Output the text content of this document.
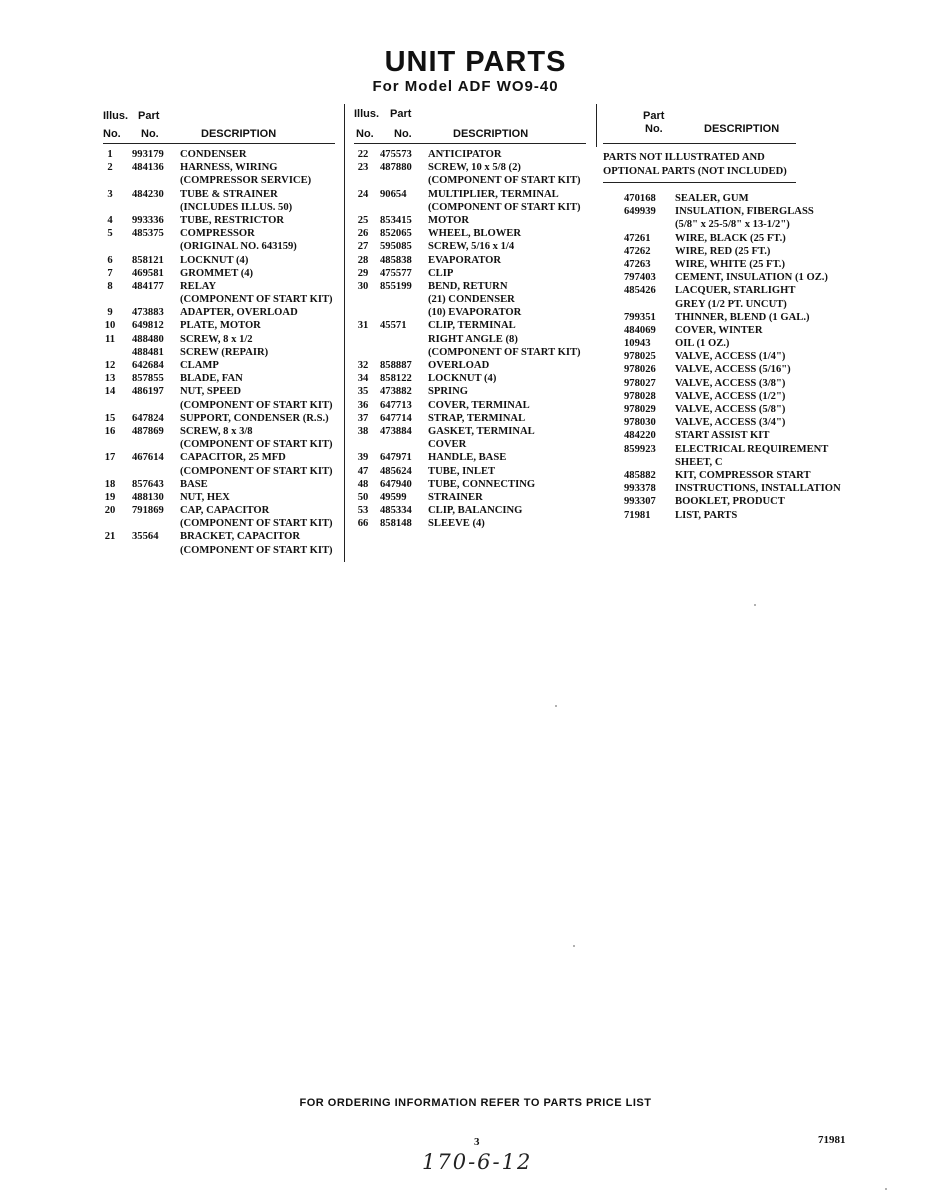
UNIT PARTS
For Model ADF WO9-40
Illus. Part
No. No.	DESCRIPTION
1	993179 CONDENSER
2	484136 HARNESS, WIRING
(COMPRESSOR SERVICE)
3	484230 TUBE & STRAINER
(INCLUDES ILLUS. 50)
4	993336 TUBE, RESTRICTOR
5	485375 COMPRESSOR
(ORIGINAL NO. 643159)
6	858121 LOCKNUT (4)
7	469581 GROMMET (4)
8	484177 RELAY
(COMPONENT OF START KIT)
9	473883 ADAPTER, OVERLOAD
10	649812 PLATE, MOTOR
11	488480 SCREW, 8 x 1/2
488481 SCREW (REPAIR)
12	642684 CLAMP
13	857855 BLADE, FAN
14	486197 NUT, SPEED
(COMPONENT OF START KIT)
15	647824 SUPPORT, CONDENSER (R.S.)
16	487869 SCREW, 8 x 3/8
(COMPONENT OF START KIT)
17	467614 CAPACITOR, 25 MFD
(COMPONENT OF START KIT)
18	857643 BASE
19	488130 NUT, HEX
20	791869 CAP, CAPACITOR
(COMPONENT OF START KIT)
21	35564 BRACKET, CAPACITOR
(COMPONENT OF START KIT)
Illus. Part
No. No.	DESCRIPTION
22	475573 ANTICIPATOR
23	487880 SCREW, 10 x 5/8 (2)
(COMPONENT OF START KIT)
24	90654 MULTIPLIER, TERMINAL
(COMPONENT OF START KIT)
25	853415 MOTOR
26	852065 WHEEL, BLOWER
27	595085 SCREW, 5/16 x 1/4
28	485838 EVAPORATOR
29	475577 CLIP
30	855199 BEND, RETURN
(21) CONDENSER
(10) EVAPORATOR
31	45571 CLIP, TERMINAL
RIGHT ANGLE (8)
(COMPONENT OF START KIT)
32	858887 OVERLOAD
34	858122 LOCKNUT (4)
35	473882 SPRING
36	647713 COVER, TERMINAL
37	647714 STRAP, TERMINAL
38	473884 GASKET, TERMINAL
COVER
39	647971 HANDLE, BASE
47	485624 TUBE, INLET
48	647940 TUBE, CONNECTING
50	49599 STRAINER
53	485334 CLIP, BALANCING
66	858148 SLEEVE (4)
Part
No.	DESCRIPTION
PARTS NOT ILLUSTRATED AND
OPTIONAL PARTS (NOT INCLUDED)
470168 SEALER, GUM
649939 INSULATION, FIBERGLASS
(5/8" x 25-5/8" x 13-1/2")
47261 WIRE, BLACK (25 FT.)
47262 WIRE, RED (25 FT.)
47263 WIRE, WHITE (25 FT.)
797403 CEMENT, INSULATION (1 OZ.)
485426 LACQUER, STARLIGHT
GREY (1/2 PT. UNCUT)
799351 THINNER, BLEND (1 GAL.)
484069 COVER, WINTER
10943 OIL (1 OZ.)
978025 VALVE, ACCESS (1/4")
978026 VALVE, ACCESS (5/16")
978027 VALVE, ACCESS (3/8")
978028 VALVE, ACCESS (1/2")
978029 VALVE, ACCESS (5/8")
978030 VALVE, ACCESS (3/4")
484220 START ASSIST KIT
859923 ELECTRICAL REQUIREMENT
SHEET, C
485882 KIT, COMPRESSOR START
993378 INSTRUCTIONS, INSTALLATION
993307 BOOKLET, PRODUCT
71981 LIST, PARTS
FOR ORDERING INFORMATION REFER TO PARTS PRICE LIST
3	71981
170-6-12
